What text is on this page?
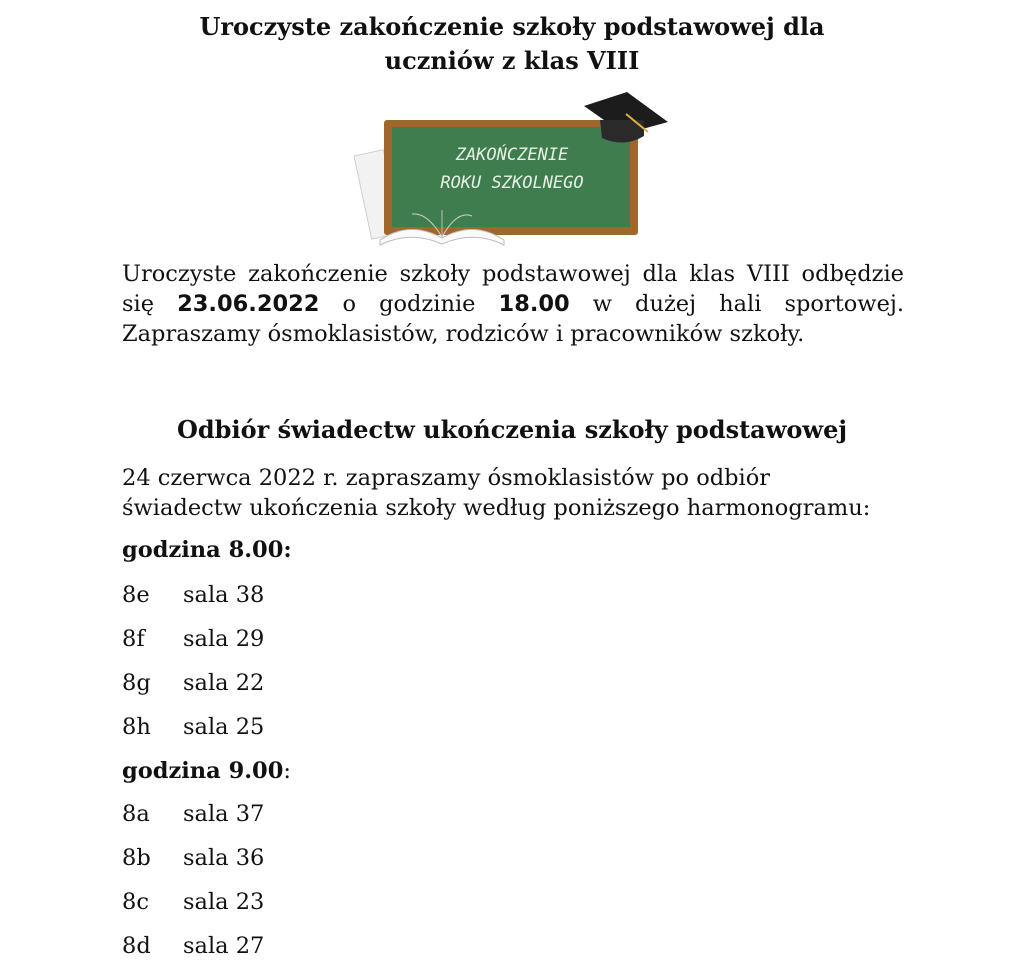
Uroczyste zakończenie szkoły podstawowej dla
uczniów z klas VIII
ZAKOŃCZENIE
ROKU SZKOLNEGO
Uroczyste zakończenie szkoły podstawowej dla klas VIII odbędzie
się 23.06.2022 o godzinie 18.00 w dużej hali sportowej.
Zapraszamy ósmoklasistów, rodziców i pracowników szkoły.
Odbiór świadectw ukończenia szkoły podstawowej
24 czerwca 2022 r. zapraszamy ósmoklasistów po odbiór
świadectw ukończenia szkoły według poniższego harmonogramu:
godzina 8.00:
8e sala 38
8f sala 29
8g sala 22
8h sala 25
godzina 9.00:
8a sala 37
8b sala 36
8c sala 23
8d sala 27
